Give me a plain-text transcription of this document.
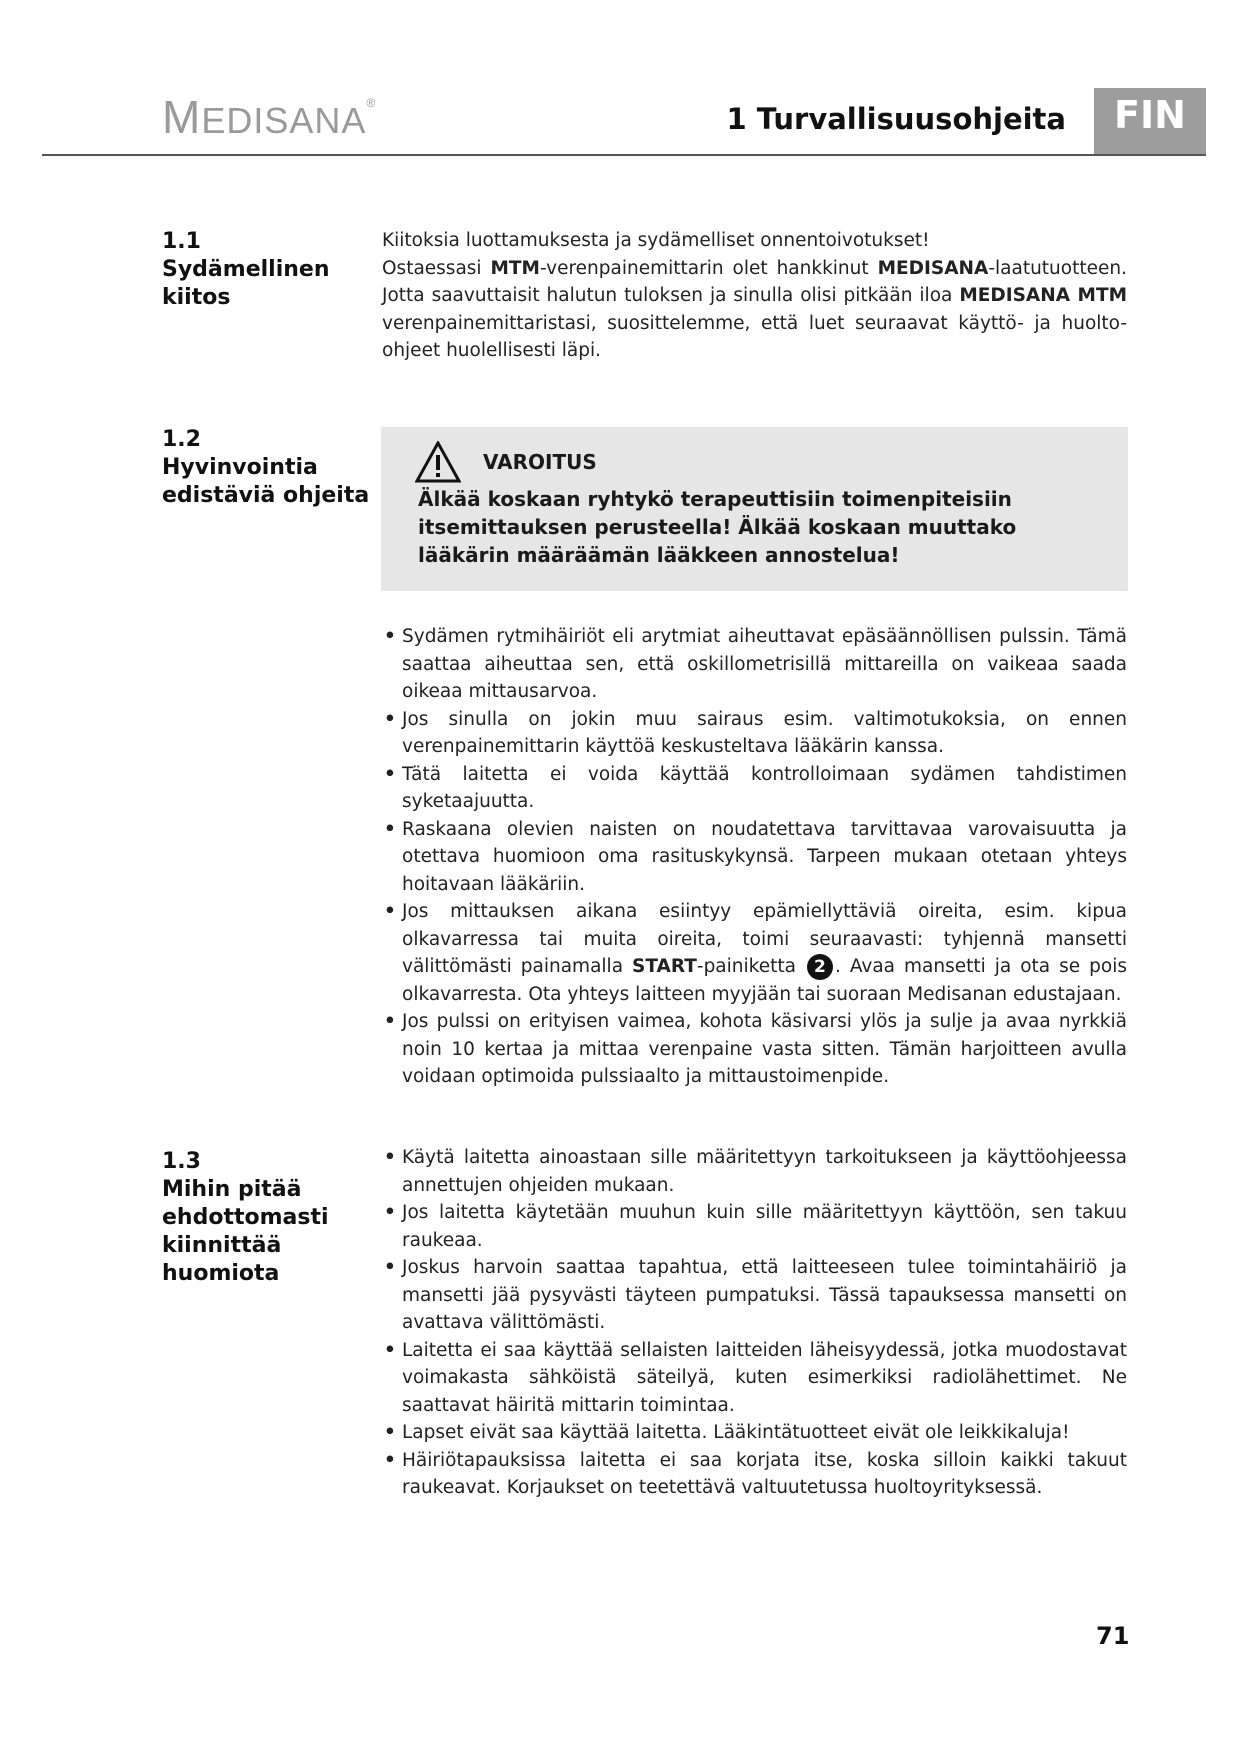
MEDISANA®	1 Turvallisuusohjeita	FIN
1.1
Sydämellinen
kiitos
Kiitoksia luottamuksesta ja sydämelliset onnentoivotukset!
Ostaessasi MTM-verenpainemittarin olet hankkinut MEDISANA-laatutuotteen. Jotta saavuttaisit halutun tuloksen ja sinulla olisi pitkään iloa MEDISANA MTM verenpainemittaristasi, suosittelemme, että luet seuraavat käyttö- ja huolto-ohjeet huolellisesti läpi.
1.2
Hyvinvointia
edistäviä ohjeita
VAROITUS
Älkää koskaan ryhtykö terapeuttisiin toimenpiteisiin itsemittauksen perusteella! Älkää koskaan muuttako lääkärin määräämän lääkkeen annostelua!
• Sydämen rytmihäiriöt eli arytmiat aiheuttavat epäsäännöllisen pulssin. Tämä saattaa aiheuttaa sen, että oskillometrisillä mittareilla on vaikeaa saada oikeaa mittausarvoa.
• Jos sinulla on jokin muu sairaus esim. valtimotukoksia, on ennen verenpainemittarin käyttöä keskusteltava lääkärin kanssa.
• Tätä laitetta ei voida käyttää kontrolloimaan sydämen tahdistimen syketaajuutta.
• Raskaana olevien naisten on noudatettava tarvittavaa varovaisuutta ja otettava huomioon oma rasituskykynsä. Tarpeen mukaan otetaan yhteys hoitavaan lääkäriin.
• Jos mittauksen aikana esiintyy epämiellyttäviä oireita, esim. kipua olkavarressa tai muita oireita, toimi seuraavasti: tyhjennä mansetti välittömästi painamalla START-painiketta 2 . Avaa mansetti ja ota se pois olkavarresta. Ota yhteys laitteen myyjään tai suoraan Medisanan edustajaan.
• Jos pulssi on erityisen vaimea, kohota käsivarsi ylös ja sulje ja avaa nyrkkiä noin 10 kertaa ja mittaa verenpaine vasta sitten. Tämän harjoitteen avulla voidaan optimoida pulssiaalto ja mittaustoimenpide.
1.3
Mihin pitää
ehdottomasti
kiinnittää
huomiota
• Käytä laitetta ainoastaan sille määritettyyn tarkoitukseen ja käyttöohjeessa annettujen ohjeiden mukaan.
• Jos laitetta käytetään muuhun kuin sille määritettyyn käyttöön, sen takuu raukeaa.
• Joskus harvoin saattaa tapahtua, että laitteeseen tulee toimintahäiriö ja mansetti jää pysyvästi täyteen pumpatuksi. Tässä tapauksessa mansetti on avattava välittömästi.
• Laitetta ei saa käyttää sellaisten laitteiden läheisyydessä, jotka muodostavat voimakasta sähköistä säteilyä, kuten esimerkiksi radiolähettimet. Ne saattavat häiritä mittarin toimintaa.
• Lapset eivät saa käyttää laitetta. Lääkintätuotteet eivät ole leikkikaluja!
• Häiriötapauksissa laitetta ei saa korjata itse, koska silloin kaikki takuut raukeavat. Korjaukset on teetettävä valtuutetussa huoltoyrityksessä.
71
